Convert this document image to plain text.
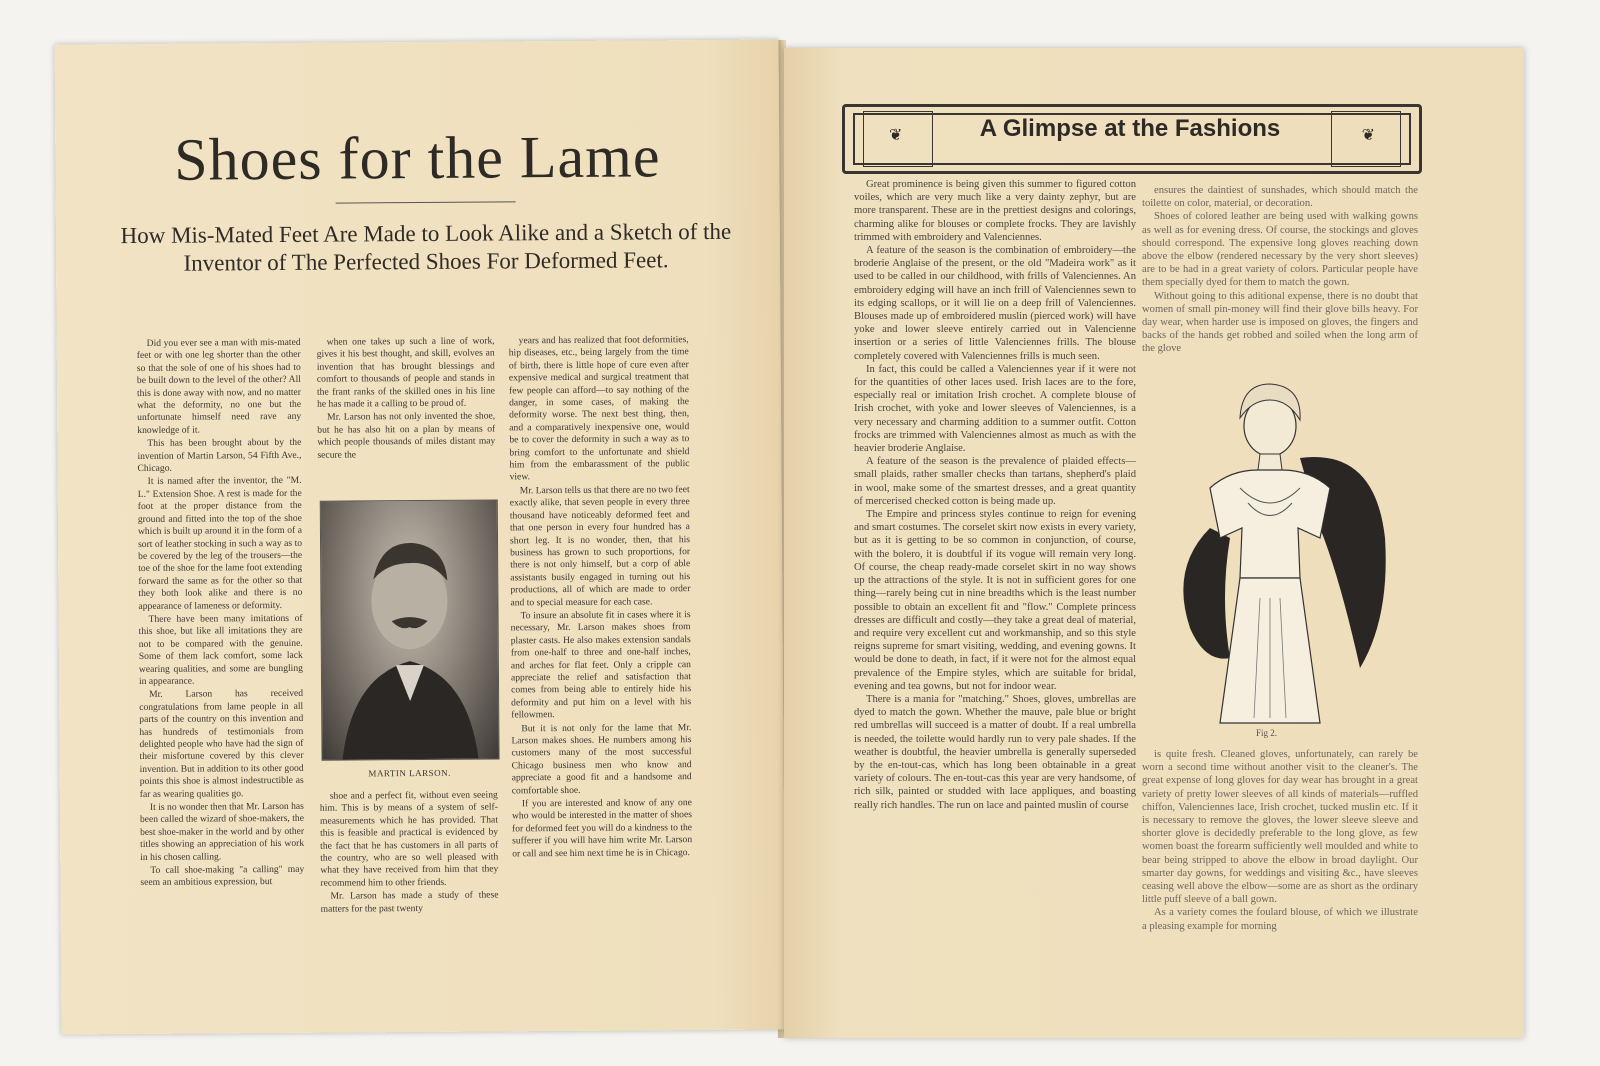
Shoes for the Lame
How Mis-Mated Feet Are Made to Look Alike and a Sketch of the Inventor of The Perfected Shoes For Deformed Feet.

Did you ever see a man with mis-mated feet or with one leg shorter than the other so that the sole of one of his shoes had to be built down to the level of the other? All this is done away with now, and no matter what the deformity, no one but the unfortunate himself need rave any knowledge of it.

This has been brought about by the invention of Martin Larson, 54 Fifth Ave., Chicago.

It is named after the inventor, the "M. L." Extension Shoe. A rest is made for the foot at the proper distance from the ground and fitted into the top of the shoe which is built up around it in the form of a sort of leather stocking in such a way as to be covered by the leg of the trousers—the toe of the shoe for the lame foot extending forward the same as for the other so that they both look alike and there is no appearance of lameness or deformity.

There have been many imitations of this shoe, but like all imitations they are not to be compared with the genuine. Some of them lack comfort, some lack wearing qualities, and some are bungling in appearance.

Mr. Larson has received congratulations from lame people in all parts of the country on this invention and has hundreds of testimonials from delighted people who have had the sign of their misfortune covered by this clever invention. But in addition to its other good points this shoe is almost indestructible as far as wearing qualities go.

It is no wonder then that Mr. Larson has been called the wizard of shoe-makers, the best shoe-maker in the world and by other titles showing an appreciation of his work in his chosen calling.

To call shoe-making "a calling" may seem an ambitious expression, but

when one takes up such a line of work, gives it his best thought, and skill, evolves an invention that has brought blessings and comfort to thousands of people and stands in the frant ranks of the skilled ones in his line he has made it a calling to be proud of.

Mr. Larson has not only invented the shoe, but he has also hit on a plan by means of which people thousands of miles distant may secure the

MARTIN LARSON.

shoe and a perfect fit, without even seeing him. This is by means of a system of self-measurements which he has provided. That this is feasible and practical is evidenced by the fact that he has customers in all parts of the country, who are so well pleased with what they have received from him that they recommend him to other friends.

Mr. Larson has made a study of these matters for the past twenty

years and has realized that foot deformities, hip diseases, etc., being largely from the time of birth, there is little hope of cure even after expensive medical and surgical treatment that few people can afford—to say nothing of the danger, in some cases, of making the deformity worse. The next best thing, then, and a comparatively inexpensive one, would be to cover the deformity in such a way as to bring comfort to the unfortunate and shield him from the embarassment of the public view.

Mr. Larson tells us that there are no two feet exactly alike, that seven people in every three thousand have noticeably deformed feet and that one person in every four hundred has a short leg. It is no wonder, then, that his business has grown to such proportions, for there is not only himself, but a corp of able assistants busily engaged in turning out his productions, all of which are made to order and to special measure for each case.

To insure an absolute fit in cases where it is necessary, Mr. Larson makes shoes from plaster casts. He also makes extension sandals from one-half to three and one-half inches, and arches for flat feet. Only a cripple can appreciate the relief and satisfaction that comes from being able to entirely hide his deformity and put him on a level with his fellowmen.

But it is not only for the lame that Mr. Larson makes shoes. He numbers among his customers many of the most successful Chicago business men who know and appreciate a good fit and a handsome and comfortable shoe.

If you are interested and know of any one who would be interested in the matter of shoes for deformed feet you will do a kindness to the sufferer if you will have him write Mr. Larson or call and see him next time he is in Chicago.

❦	❦
A Glimpse at the Fashions

Great prominence is being given this summer to figured cotton voiles, which are very much like a very dainty zephyr, but are more transparent. These are in the prettiest designs and colorings, charming alike for blouses or complete frocks. They are lavishly trimmed with embroidery and Valenciennes.

A feature of the season is the combination of embroidery—the broderie Anglaise of the present, or the old "Madeira work" as it used to be called in our childhood, with frills of Valenciennes. An embroidery edging will have an inch frill of Valenciennes sewn to its edging scallops, or it will lie on a deep frill of Valenciennes. Blouses made up of embroidered muslin (pierced work) will have yoke and lower sleeve entirely carried out in Valencienne insertion or a series of little Valenciennes frills. The blouse completely covered with Valenciennes frills is much seen.

In fact, this could be called a Valenciennes year if it were not for the quantities of other laces used. Irish laces are to the fore, especially real or imitation Irish crochet. A complete blouse of Irish crochet, with yoke and lower sleeves of Valenciennes, is a very necessary and charming addition to a summer outfit. Cotton frocks are trimmed with Valenciennes almost as much as with the heavier broderie Anglaise.

A feature of the season is the prevalence of plaided effects—small plaids, rather smaller checks than tartans, shepherd's plaid in wool, make some of the smartest dresses, and a great quantity of mercerised checked cotton is being made up.

The Empire and princess styles continue to reign for evening and smart costumes. The corselet skirt now exists in every variety, but as it is getting to be so common in conjunction, of course, with the bolero, it is doubtful if its vogue will remain very long. Of course, the cheap ready-made corselet skirt in no way shows up the attractions of the style. It is not in sufficient gores for one thing—rarely being cut in nine breadths which is the least number possible to obtain an excellent fit and "flow." Complete princess dresses are difficult and costly—they take a great deal of material, and require very excellent cut and workmanship, and so this style reigns supreme for smart visiting, wedding, and evening gowns. It would be done to death, in fact, if it were not for the almost equal prevalence of the Empire styles, which are suitable for bridal, evening and tea gowns, but not for indoor wear.

There is a mania for "matching." Shoes, gloves, umbrellas are dyed to match the gown. Whether the mauve, pale blue or bright red umbrellas will succeed is a matter of doubt. If a real umbrella is needed, the toilette would hardly run to very pale shades. If the weather is doubtful, the heavier umbrella is generally superseded by the en-tout-cas, which has long been obtainable in a great variety of colours. The en-tout-cas this year are very handsome, of rich silk, painted or studded with lace appliques, and boasting really rich handles. The run on lace and painted muslin of course

ensures the daintiest of sunshades, which should match the toilette on color, material, or decoration.

Shoes of colored leather are being used with walking gowns as well as for evening dress. Of course, the stockings and gloves should correspond. The expensive long gloves reaching down above the elbow (rendered necessary by the very short sleeves) are to be had in a great variety of colors. Particular people have them specially dyed for them to match the gown.

Without going to this aditional expense, there is no doubt that women of small pin-money will find their glove bills heavy. For day wear, when harder use is imposed on gloves, the fingers and backs of the hands get robbed and soiled when the long arm of the glove

Fig 2.

is quite fresh. Cleaned gloves, unfortunately, can rarely be worn a second time without another visit to the cleaner's. The great expense of long gloves for day wear has brought in a great variety of pretty lower sleeves of all kinds of materials—ruffled chiffon, Valenciennes lace, Irish crochet, tucked muslin etc. If it is necessary to remove the gloves, the lower sleeve sleeve and shorter glove is decidedly preferable to the long glove, as few women boast the forearm sufficiently well moulded and white to bear being stripped to above the elbow in broad daylight. Our smarter day gowns, for weddings and visiting &c., have sleeves ceasing well above the elbow—some are as short as the ordinary little puff sleeve of a ball gown.

As a variety comes the foulard blouse, of which we illustrate a pleasing example for morning
